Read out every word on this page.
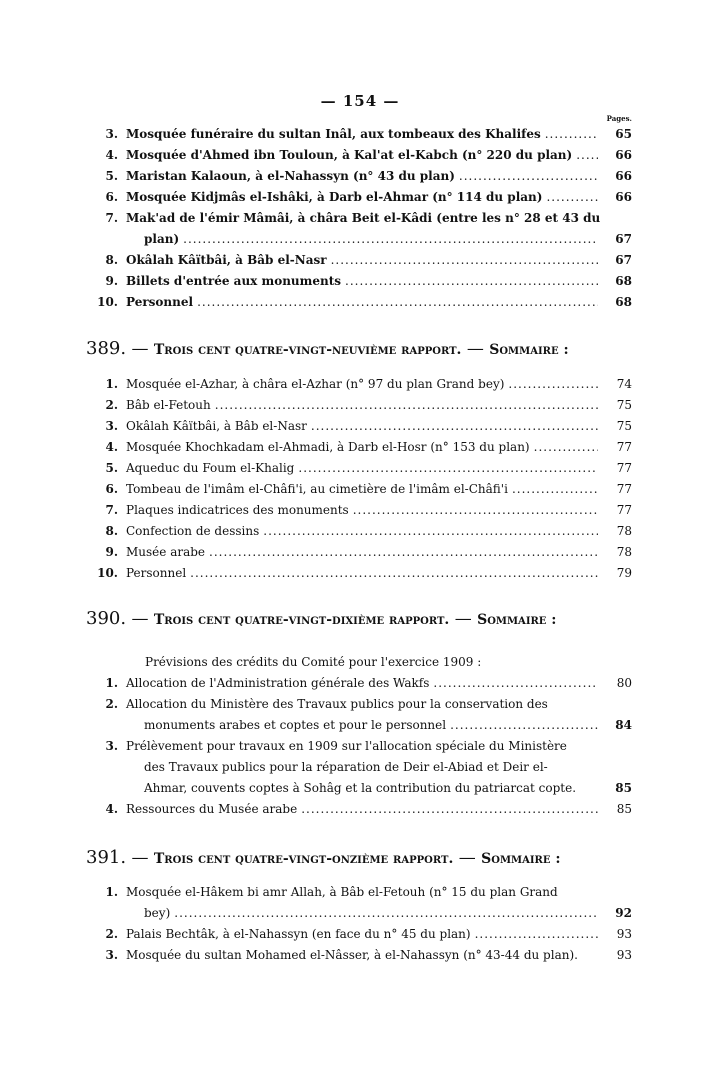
— 154 —
Pages.
3. Mosquée funéraire du sultan Inâl, aux tombeaux des Khalifes .....	65
4. Mosquée d'Ahmed ibn Touloun, à Kal'at el-Kabch (n° 220 du plan) .....	66
5. Maristan Kalaoun, à el-Nahassyn (n° 43 du plan) .....	66
6. Mosquée Kidjmâs el-Ishâki, à Darb el-Ahmar (n° 114 du plan) .....	66
7. Mak'ad de l'émir Mâmâi, à châra Beit el-Kâdi (entre les n° 28 et 43 du
plan) .....	67
8. Okâlah Kâïtbâi, à Bâb el-Nasr .....	67
9. Billets d'entrée aux monuments .....	68
10. Personnel .....	68
389. — Trois cent quatre-vingt-neuvième rapport. — Sommaire :
1. Mosquée el-Azhar, à châra el-Azhar (n° 97 du plan Grand bey) .....	74
2. Bâb el-Fetouh .....	75
3. Okâlah Kâïtbâi, à Bâb el-Nasr .....	75
4. Mosquée Khochkadam el-Ahmadi, à Darb el-Hosr (n° 153 du plan) .....	77
5. Aqueduc du Foum el-Khalig .....	77
6. Tombeau de l'imâm el-Châfi'i, au cimetière de l'imâm el-Châfi'i .....	77
7. Plaques indicatrices des monuments .....	77
8. Confection de dessins .....	78
9. Musée arabe .....	78
10. Personnel .....	79
390. — Trois cent quatre-vingt-dixième rapport. — Sommaire :
Prévisions des crédits du Comité pour l'exercice 1909 :
1. Allocation de l'Administration générale des Wakfs .....	80
2. Allocation du Ministère des Travaux publics pour la conservation des
monuments arabes et coptes et pour le personnel .....	84
3. Prélèvement pour travaux en 1909 sur l'allocation spéciale du Ministère
des Travaux publics pour la réparation de Deir el-Abiad et Deir el-
Ahmar, couvents coptes à Sohâg et la contribution du patriarcat copte.	85
4. Ressources du Musée arabe .....	85
391. — Trois cent quatre-vingt-onzième rapport. — Sommaire :
1. Mosquée el-Hâkem bi amr Allah, à Bâb el-Fetouh (n° 15 du plan Grand
bey) .....	92
2. Palais Bechtâk, à el-Nahassyn (en face du n° 45 du plan) .....	93
3. Mosquée du sultan Mohamed el-Nâsser, à el-Nahassyn (n° 43-44 du plan).	93
